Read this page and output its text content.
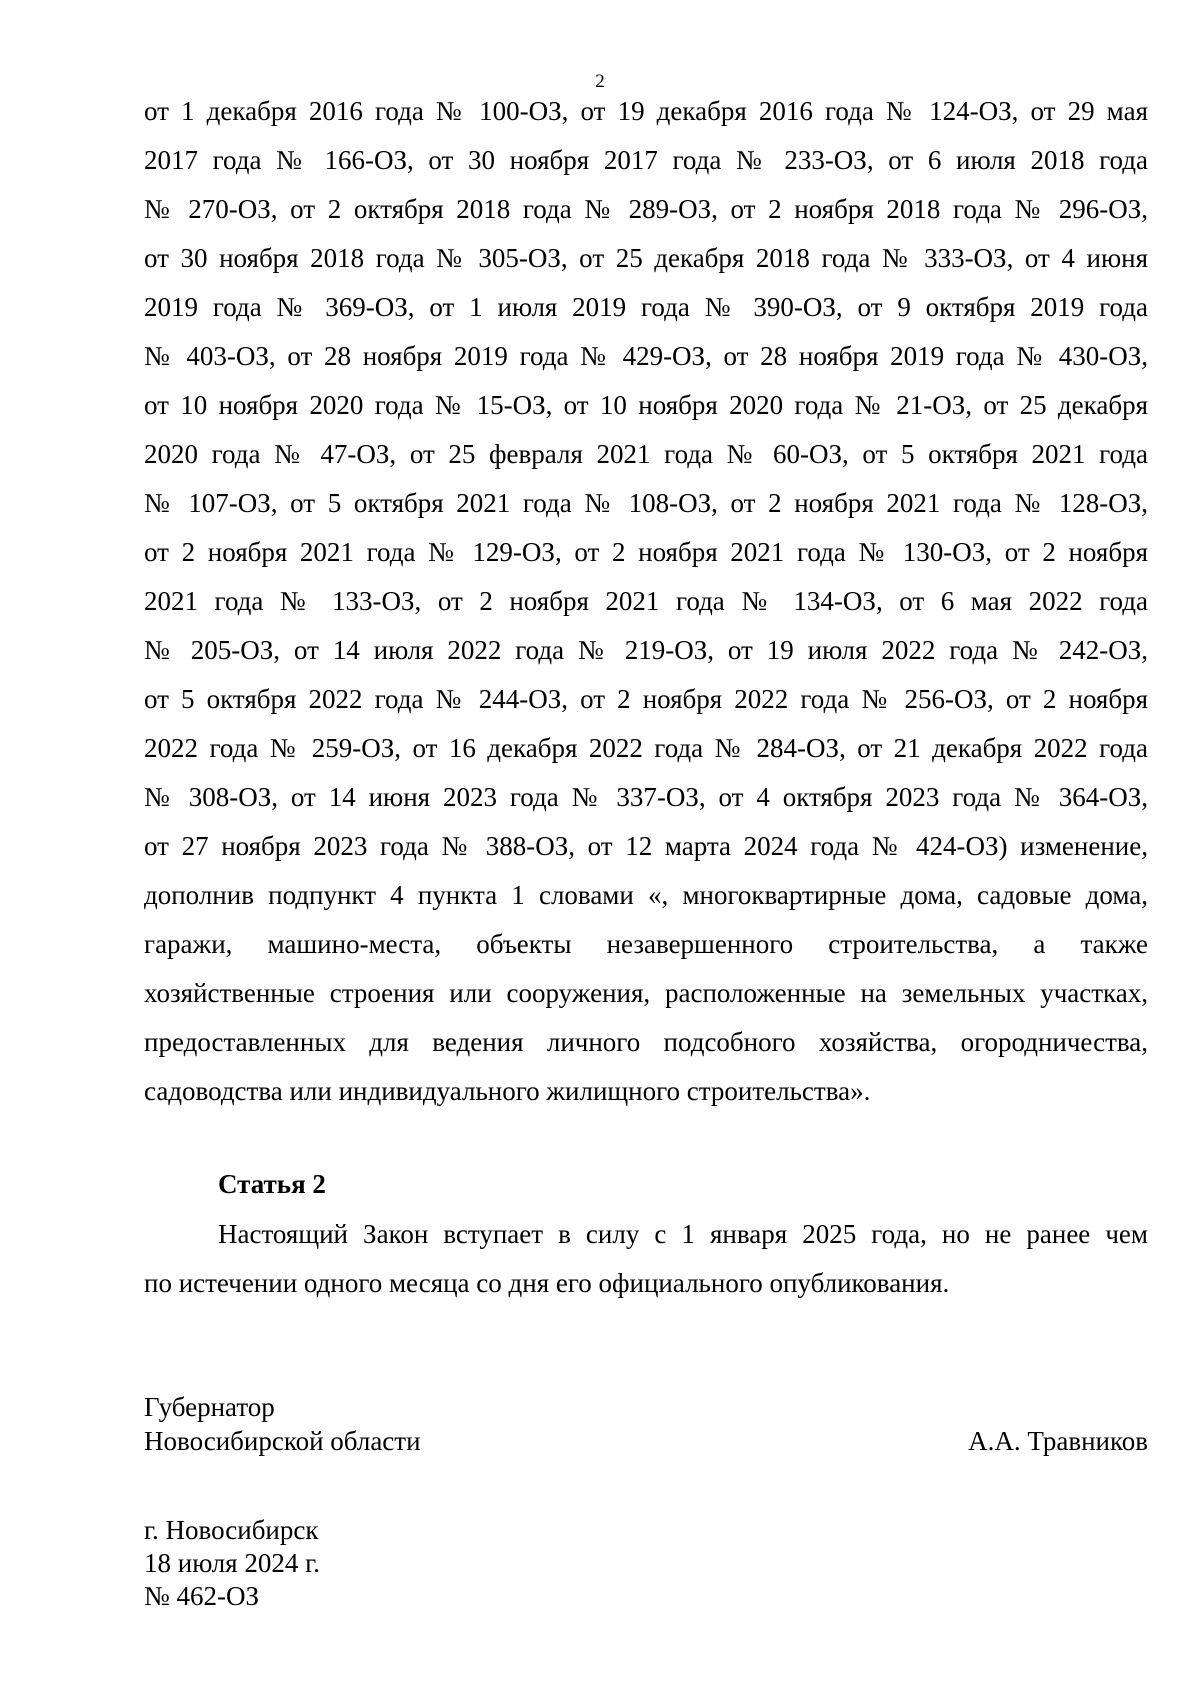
2
от 1 декабря 2016 года № 100-ОЗ, от 19 декабря 2016 года № 124-ОЗ, от 29 мая
2017 года № 166-ОЗ, от 30 ноября 2017 года № 233-ОЗ, от 6 июля 2018 года
№ 270-ОЗ, от 2 октября 2018 года № 289-ОЗ, от 2 ноября 2018 года № 296-ОЗ,
от 30 ноября 2018 года № 305-ОЗ, от 25 декабря 2018 года № 333-ОЗ, от 4 июня
2019 года № 369-ОЗ, от 1 июля 2019 года № 390-ОЗ, от 9 октября 2019 года
№ 403-ОЗ, от 28 ноября 2019 года № 429-ОЗ, от 28 ноября 2019 года № 430-ОЗ,
от 10 ноября 2020 года № 15-ОЗ, от 10 ноября 2020 года № 21-ОЗ, от 25 декабря
2020 года № 47-ОЗ, от 25 февраля 2021 года № 60-ОЗ, от 5 октября 2021 года
№ 107-ОЗ, от 5 октября 2021 года № 108-ОЗ, от 2 ноября 2021 года № 128-ОЗ,
от 2 ноября 2021 года № 129-ОЗ, от 2 ноября 2021 года № 130-ОЗ, от 2 ноября
2021 года № 133-ОЗ, от 2 ноября 2021 года № 134-ОЗ, от 6 мая 2022 года
№ 205-ОЗ, от 14 июля 2022 года № 219-ОЗ, от 19 июля 2022 года № 242-ОЗ,
от 5 октября 2022 года № 244-ОЗ, от 2 ноября 2022 года № 256-ОЗ, от 2 ноября
2022 года № 259-ОЗ, от 16 декабря 2022 года № 284-ОЗ, от 21 декабря 2022 года
№ 308-ОЗ, от 14 июня 2023 года № 337-ОЗ, от 4 октября 2023 года № 364-ОЗ,
от 27 ноября 2023 года № 388-ОЗ, от 12 марта 2024 года № 424-ОЗ) изменение,
дополнив подпункт 4 пункта 1 словами «, многоквартирные дома, садовые дома,
гаражи, машино-места, объекты незавершенного строительства, а также
хозяйственные строения или сооружения, расположенные на земельных участках,
предоставленных для ведения личного подсобного хозяйства, огородничества,
садоводства или индивидуального жилищного строительства».
Статья 2
Настоящий Закон вступает в силу с 1 января 2025 года, но не ранее чем
по истечении одного месяца со дня его официального опубликования.
Губернатор
Новосибирской области	А.А. Травников
г. Новосибирск
18 июля 2024 г.
№ 462-ОЗ
